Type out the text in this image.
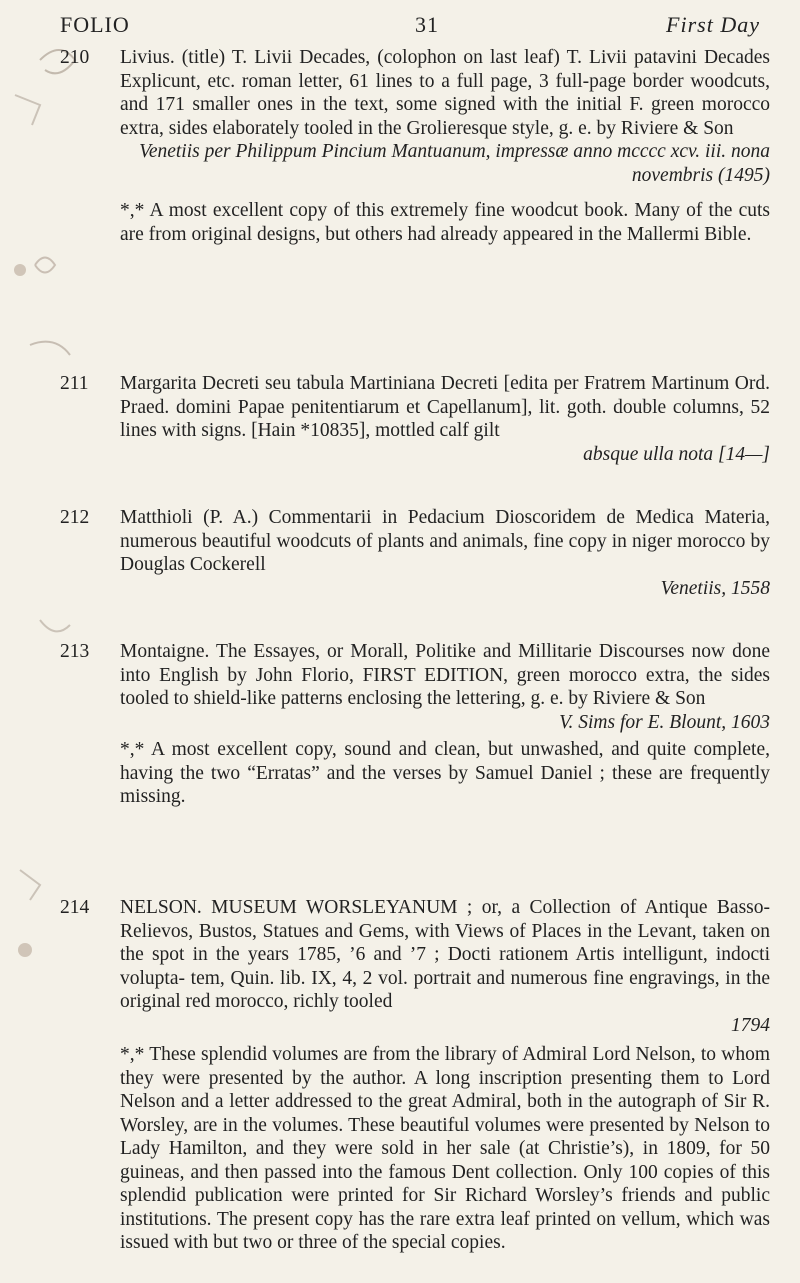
FOLIO	31	First Day
210 Livius. (title) T. Livii Decades, (colophon on last leaf) T. Livii patavini Decades Explicunt, etc. roman letter, 61 lines to a full page, 3 full-page border woodcuts, and 171 smaller ones in the text, some signed with the initial F. green morocco extra, sides elaborately tooled in the Grolieresque style, g. e. by Riviere & Son

Venetiis per Philippum Pincium Mantuanum, impressæ anno mcccc xcv. iii. nona novembris (1495)

*,* A most excellent copy of this extremely fine woodcut book. Many of the cuts are from original designs, but others had already appeared in the Mallermi Bible.

211 Margarita Decreti seu tabula Martiniana Decreti [edita per Fratrem Martinum Ord. Praed. domini Papae penitentiarum et Capellanum], lit. goth. double columns, 52 lines with signs. [Hain *10835], mottled calf gilt

absque ulla nota [14—]

212 Matthioli (P. A.) Commentarii in Pedacium Dioscoridem de Medica Materia, numerous beautiful woodcuts of plants and animals, fine copy in niger morocco by Douglas Cockerell

Venetiis, 1558

213 Montaigne. The Essayes, or Morall, Politike and Millitarie Discourses now done into English by John Florio, FIRST EDITION, green morocco extra, the sides tooled to shield-like patterns enclosing the lettering, g. e. by Riviere & Son

V. Sims for E. Blount, 1603

*,* A most excellent copy, sound and clean, but unwashed, and quite complete, having the two “Erratas” and the verses by Samuel Daniel ; these are frequently missing.

214 NELSON. MUSEUM WORSLEYANUM ; or, a Collection of Antique Basso-Relievos, Bustos, Statues and Gems, with Views of Places in the Levant, taken on the spot in the years 1785, ’6 and ’7 ; Docti rationem Artis intelligunt, indocti volupta- tem, Quin. lib. IX, 4, 2 vol. portrait and numerous fine engravings, in the original red morocco, richly tooled

1794

*,* These splendid volumes are from the library of Admiral Lord Nelson, to whom they were presented by the author. A long inscription presenting them to Lord Nelson and a letter addressed to the great Admiral, both in the autograph of Sir R. Worsley, are in the volumes. These beautiful volumes were presented by Nelson to Lady Hamilton, and they were sold in her sale (at Christie’s), in 1809, for 50 guineas, and then passed into the famous Dent collection. Only 100 copies of this splendid publication were printed for Sir Richard Worsley’s friends and public institutions. The present copy has the rare extra leaf printed on vellum, which was issued with but two or three of the special copies.
